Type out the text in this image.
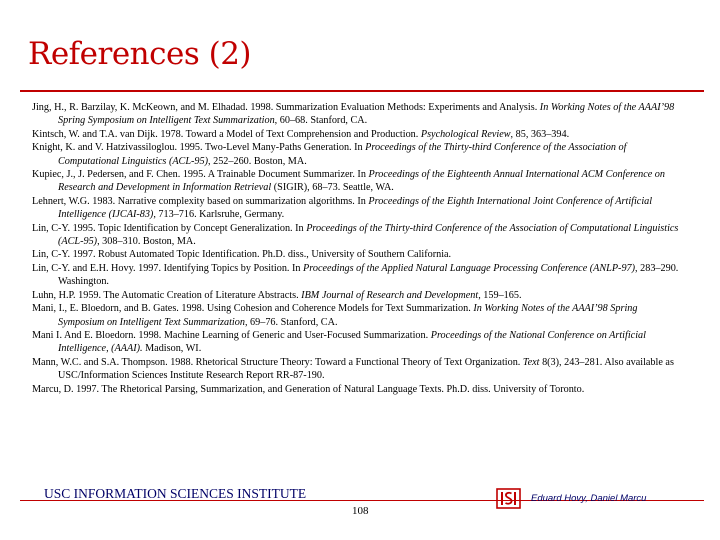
References (2)

Jing, H., R. Barzilay, K. McKeown, and M. Elhadad. 1998. Summarization Evaluation Methods: Experiments and Analysis. In Working Notes of the AAAI’98 Spring Symposium on Intelligent Text Summarization, 60–68. Stanford, CA.

Kintsch, W. and T.A. van Dijk. 1978. Toward a Model of Text Comprehension and Production. Psychological Review, 85, 363–394.

Knight, K. and V. Hatzivassiloglou. 1995. Two-Level Many-Paths Generation. In Proceedings of the Thirty-third Conference of the Association of Computational Linguistics (ACL-95), 252–260. Boston, MA.

Kupiec, J., J. Pedersen, and F. Chen. 1995. A Trainable Document Summarizer. In Proceedings of the Eighteenth Annual International ACM Conference on Research and Development in Information Retrieval (SIGIR), 68–73. Seattle, WA.

Lehnert, W.G. 1983. Narrative complexity based on summarization algorithms. In Proceedings of the Eighth International Joint Conference of Artificial Intelligence (IJCAI-83), 713–716. Karlsruhe, Germany.

Lin, C-Y. 1995. Topic Identification by Concept Generalization. In Proceedings of the Thirty-third Conference of the Association of Computational Linguistics (ACL-95), 308–310. Boston, MA.

Lin, C-Y. 1997. Robust Automated Topic Identification. Ph.D. diss., University of Southern California.

Lin, C-Y. and E.H. Hovy. 1997. Identifying Topics by Position. In Proceedings of the Applied Natural Language Processing Conference (ANLP-97), 283–290. Washington.

Luhn, H.P. 1959. The Automatic Creation of Literature Abstracts. IBM Journal of Research and Development, 159–165.

Mani, I., E. Bloedorn, and B. Gates. 1998. Using Cohesion and Coherence Models for Text Summarization. In Working Notes of the AAAI’98 Spring Symposium on Intelligent Text Summarization, 69–76. Stanford, CA.

Mani I. And E. Bloedorn. 1998. Machine Learning of Generic and User-Focused Summarization. Proceedings of the National Conference on Artificial Intelligence, (AAAI). Madison, WI.

Mann, W.C. and S.A. Thompson. 1988. Rhetorical Structure Theory: Toward a Functional Theory of Text Organization. Text 8(3), 243–281. Also available as USC/Information Sciences Institute Research Report RR-87-190.

Marcu, D. 1997. The Rhetorical Parsing, Summarization, and Generation of Natural Language Texts. Ph.D. diss. University of Toronto.

USC INFORMATION SCIENCES INSTITUTE
108
Eduard Hovy, Daniel Marcu
